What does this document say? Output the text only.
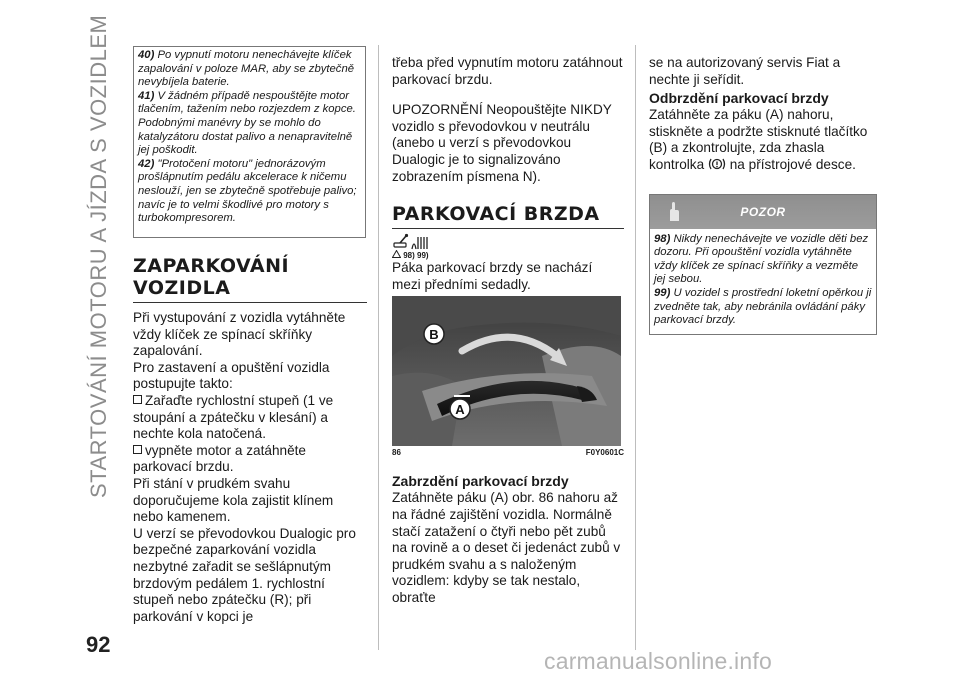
STARTOVÁNÍ MOTORU A JÍZDA S VOZIDLEM 40) Po vypnutí motoru nenechávejte klíček zapalování v poloze MAR, aby se zbytečně nevybíjela baterie.

41) V žádném případě nespouštějte motor tlačením, tažením nebo rozjezdem z kopce. Podobnými manévry by se mohlo do katalyzátoru dostat palivo a nenapravitelně jej poškodit.

42) "Protočení motoru" jednorázovým prošlápnutím pedálu akcelerace k ničemu neslouží, jen se zbytečně spotřebuje palivo; navíc je to velmi škodlivé pro motory s turbokompresorem.

ZAPARKOVÁNÍ
VOZIDLA

Při vystupování z vozidla vytáhněte vždy klíček ze spínací skříňky zapalování.

Pro zastavení a opuštění vozidla postupujte takto:

Zařaďte rychlostní stupeň (1 ve stoupání a zpátečku v klesání) a nechte kola natočená.

vypněte motor a zatáhněte parkovací brzdu.

Při stání v prudkém svahu doporučujeme kola zajistit klínem nebo kamenem.

U verzí se převodovkou Dualogic pro bezpečné zaparkování vozidla nezbytné zařadit se sešlápnutým brzdovým pedálem 1. rychlostní stupeň nebo zpátečku (R); při parkování v kopci je

třeba před vypnutím motoru zatáhnout parkovací brzdu.

UPOZORNĚNÍ Neopouštějte NIKDY vozidlo s převodovkou v neutrálu (anebo u verzí s převodovkou Dualogic je to signalizováno zobrazením písmena N).

PARKOVACÍ BRZDA
98) 99)

Páka parkovací brzdy se nachází mezi předními sedadly.

B
A
86	F0Y0601C

Zabrzdění parkovací brzdy

Zatáhněte páku (A) obr. 86 nahoru až na řádné zajištění vozidla. Normálně stačí zatažení o čtyři nebo pět zubů na rovině a o deset či jedenáct zubů v prudkém svahu a s naloženým vozidlem: kdyby se tak nestalo, obraťte

se na autorizovaný servis Fiat a nechte ji seřídit.

Odbrzdění parkovací brzdy

Zatáhněte za páku (A) nahoru, stiskněte a podržte stisknuté tlačítko (B) a zkontrolujte, zda zhasla kontrolka na přístrojové desce.

POZOR

98) Nikdy nenechávejte ve vozidle děti bez dozoru. Při opouštění vozidla vytáhněte vždy klíček ze spínací skříňky a vezměte jej sebou.

99) U vozidel s prostřední loketní opěrkou ji zvedněte tak, aby nebránila ovládání páky parkovací brzdy.

92
carmanualsonline.info
